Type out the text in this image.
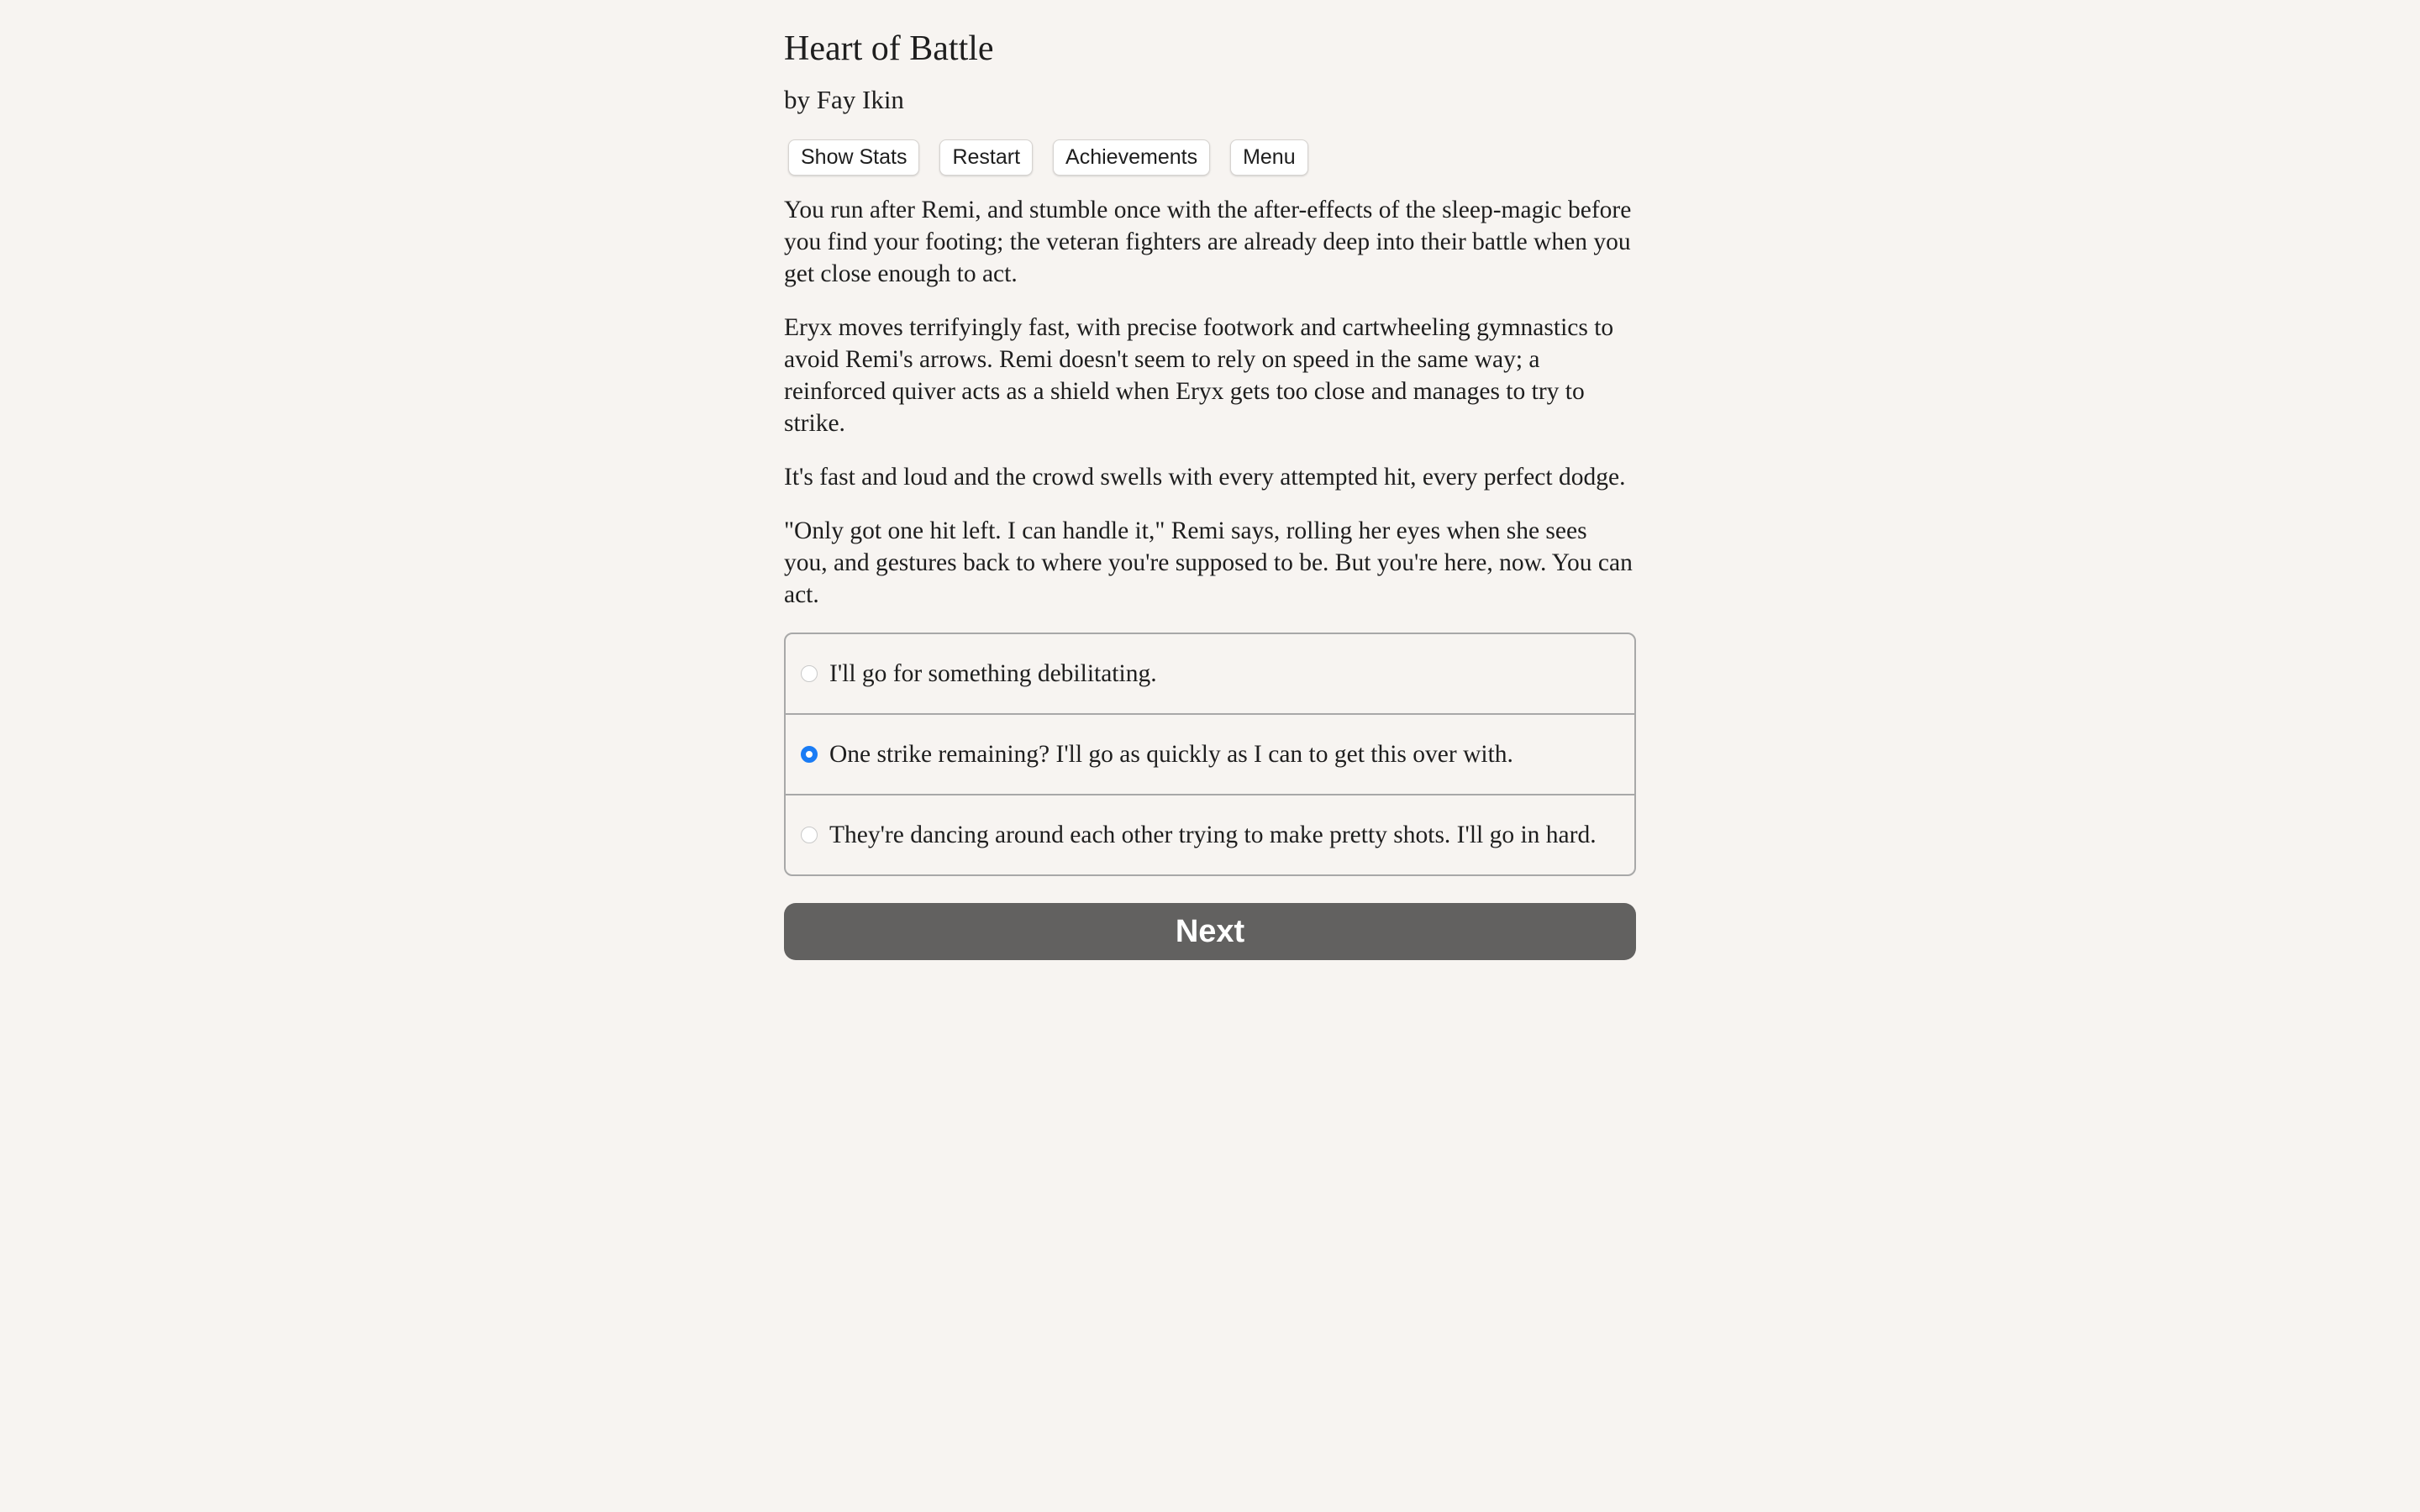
Heart of Battle
by Fay Ikin
Show Stats	Restart	Achievements	Menu

You run after Remi, and stumble once with the after-effects of the sleep-magic before you find your footing; the veteran fighters are already deep into their battle when you get close enough to act.

Eryx moves terrifyingly fast, with precise footwork and cartwheeling gymnastics to avoid Remi's arrows. Remi doesn't seem to rely on speed in the same way; a reinforced quiver acts as a shield when Eryx gets too close and manages to try to strike.

It's fast and loud and the crowd swells with every attempted hit, every perfect dodge.

"Only got one hit left. I can handle it," Remi says, rolling her eyes when she sees you, and gestures back to where you're supposed to be. But you're here, now. You can act.

I'll go for something debilitating.
One strike remaining? I'll go as quickly as I can to get this over with.
They're dancing around each other trying to make pretty shots. I'll go in hard.
Next
